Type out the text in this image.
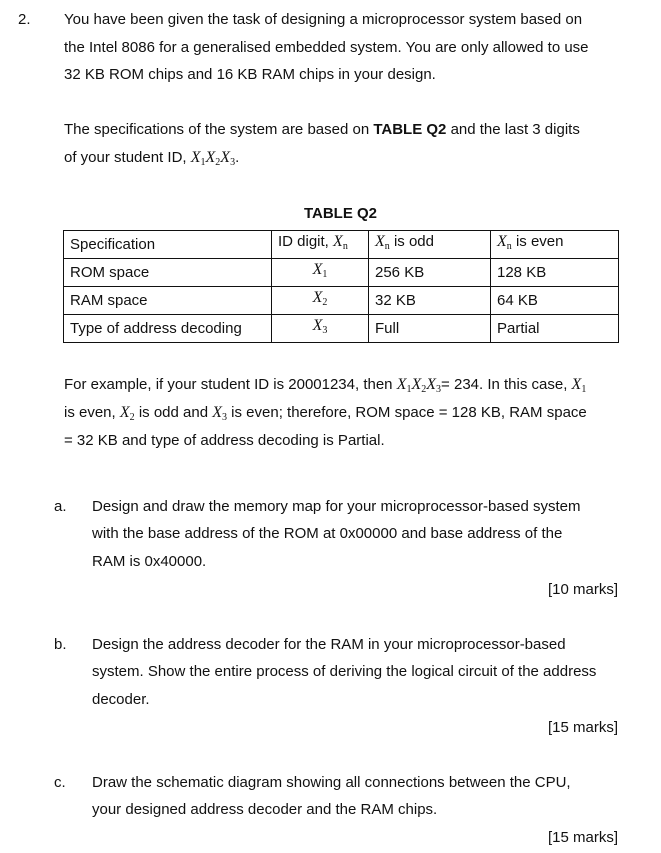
2. You have been given the task of designing a microprocessor system based on
the Intel 8086 for a generalised embedded system. You are only allowed to use
32 KB ROM chips and 16 KB RAM chips in your design.
The specifications of the system are based on TABLE Q2 and the last 3 digits
of your student ID, $X_1X_2X_3$.
TABLE Q2
Specification	ID digit, $X_n$	$X_n$ is odd	$X_n$ is even
ROM space	$X_1$	256 KB	128 KB
RAM space	$X_2$	32 KB	64 KB
Type of address decoding	$X_3$	Full	Partial
For example, if your student ID is 20001234, then $X_1X_2X_3= 234$. In this case, $X_1$
is even, $X_2$ is odd and $X_3$ is even; therefore, ROM space = 128 KB, RAM space
= 32 KB and type of address decoding is Partial.
a. Design and draw the memory map for your microprocessor-based system
with the base address of the ROM at 0x00000 and base address of the
RAM is 0x40000.
[10 marks]
b. Design the address decoder for the RAM in your microprocessor-based
system. Show the entire process of deriving the logical circuit of the address
decoder.
[15 marks]
c. Draw the schematic diagram showing all connections between the CPU,
your designed address decoder and the RAM chips.
[15 marks]
